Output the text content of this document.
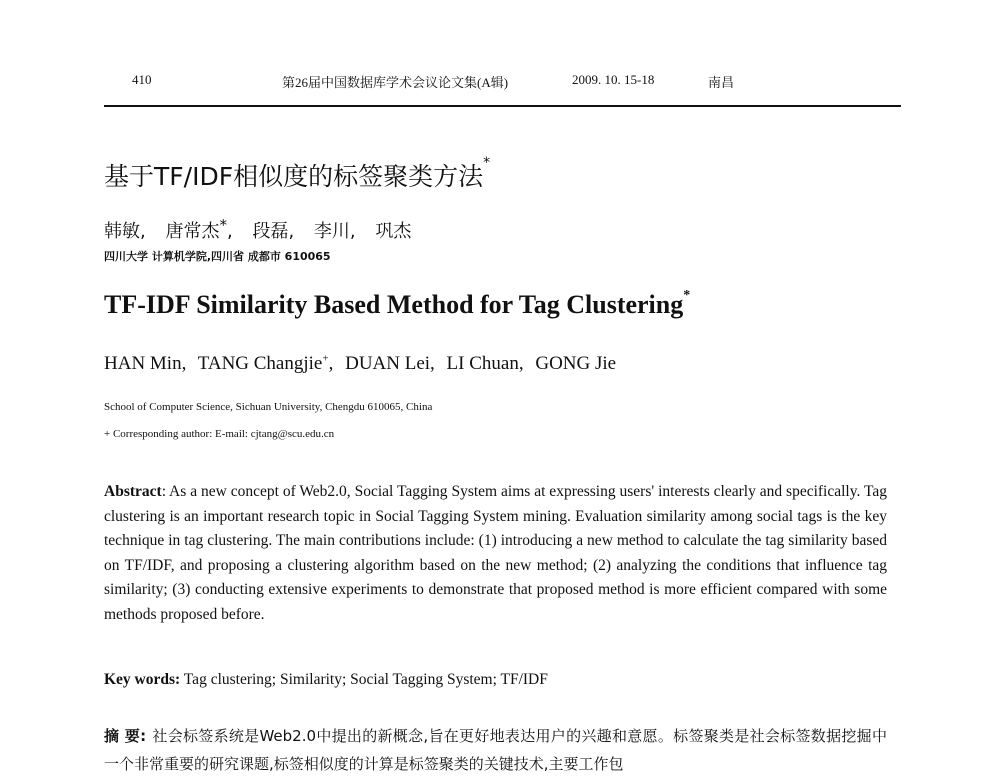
410	第26届中国数据库学术会议论文集(A辑)	2009. 10. 15-18	南昌
基于TF/IDF相似度的标签聚类方法*
韩敏, 唐常杰*, 段磊, 李川, 巩杰
四川大学 计算机学院,四川省 成都市 610065
TF-IDF Similarity Based Method for Tag Clustering*
HAN Min, TANG Changjie+, DUAN Lei, LI Chuan, GONG Jie
School of Computer Science, Sichuan University, Chengdu 610065, China
+ Corresponding author: E-mail: cjtang@scu.edu.cn
Abstract: As a new concept of Web2.0, Social Tagging System aims at expressing users' interests clearly and specifically. Tag clustering is an important research topic in Social Tagging System mining. Evaluation similarity among social tags is the key technique in tag clustering. The main contributions include: (1) introducing a new method to calculate the tag similarity based on TF/IDF, and proposing a clustering algorithm based on the new method; (2) analyzing the conditions that influence tag similarity; (3) conducting extensive experiments to demonstrate that proposed method is more efficient compared with some methods proposed before.
Key words: Tag clustering; Similarity; Social Tagging System; TF/IDF
摘 要: 社会标签系统是Web2.0中提出的新概念,旨在更好地表达用户的兴趣和意愿。标签聚类是社会标签数据挖掘中一个非常重要的研究课题,标签相似度的计算是标签聚类的关键技术,主要工作包
